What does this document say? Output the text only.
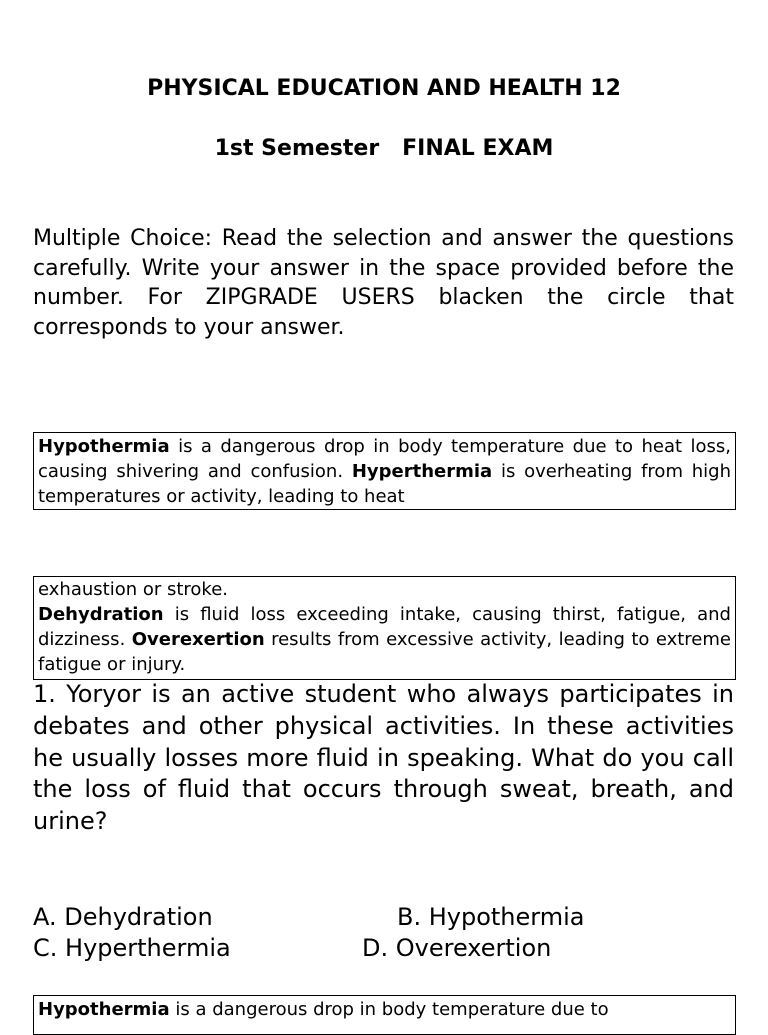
PHYSICAL EDUCATION AND HEALTH 12
1st Semester   FINAL EXAM

Multiple Choice: Read the selection and answer the questions carefully. Write your answer in the space provided before the number. For ZIPGRADE USERS blacken the circle that corresponds to your answer.

Hypothermia is a dangerous drop in body temperature due to heat loss, causing shivering and confusion. Hyperthermia is overheating from high temperatures or activity, leading to heat

exhaustion or stroke.

Dehydration is fluid loss exceeding intake, causing thirst, fatigue, and dizziness. Overexertion results from excessive activity, leading to extreme fatigue or injury.

1. Yoryor is an active student who always participates in debates and other physical activities. In these activities he usually losses more fluid in speaking. What do you call the loss of fluid that occurs through sweat, breath, and urine?

A. Dehydration	B. Hypothermia
C. Hyperthermia	D. Overexertion

Hypothermia is a dangerous drop in body temperature due to
